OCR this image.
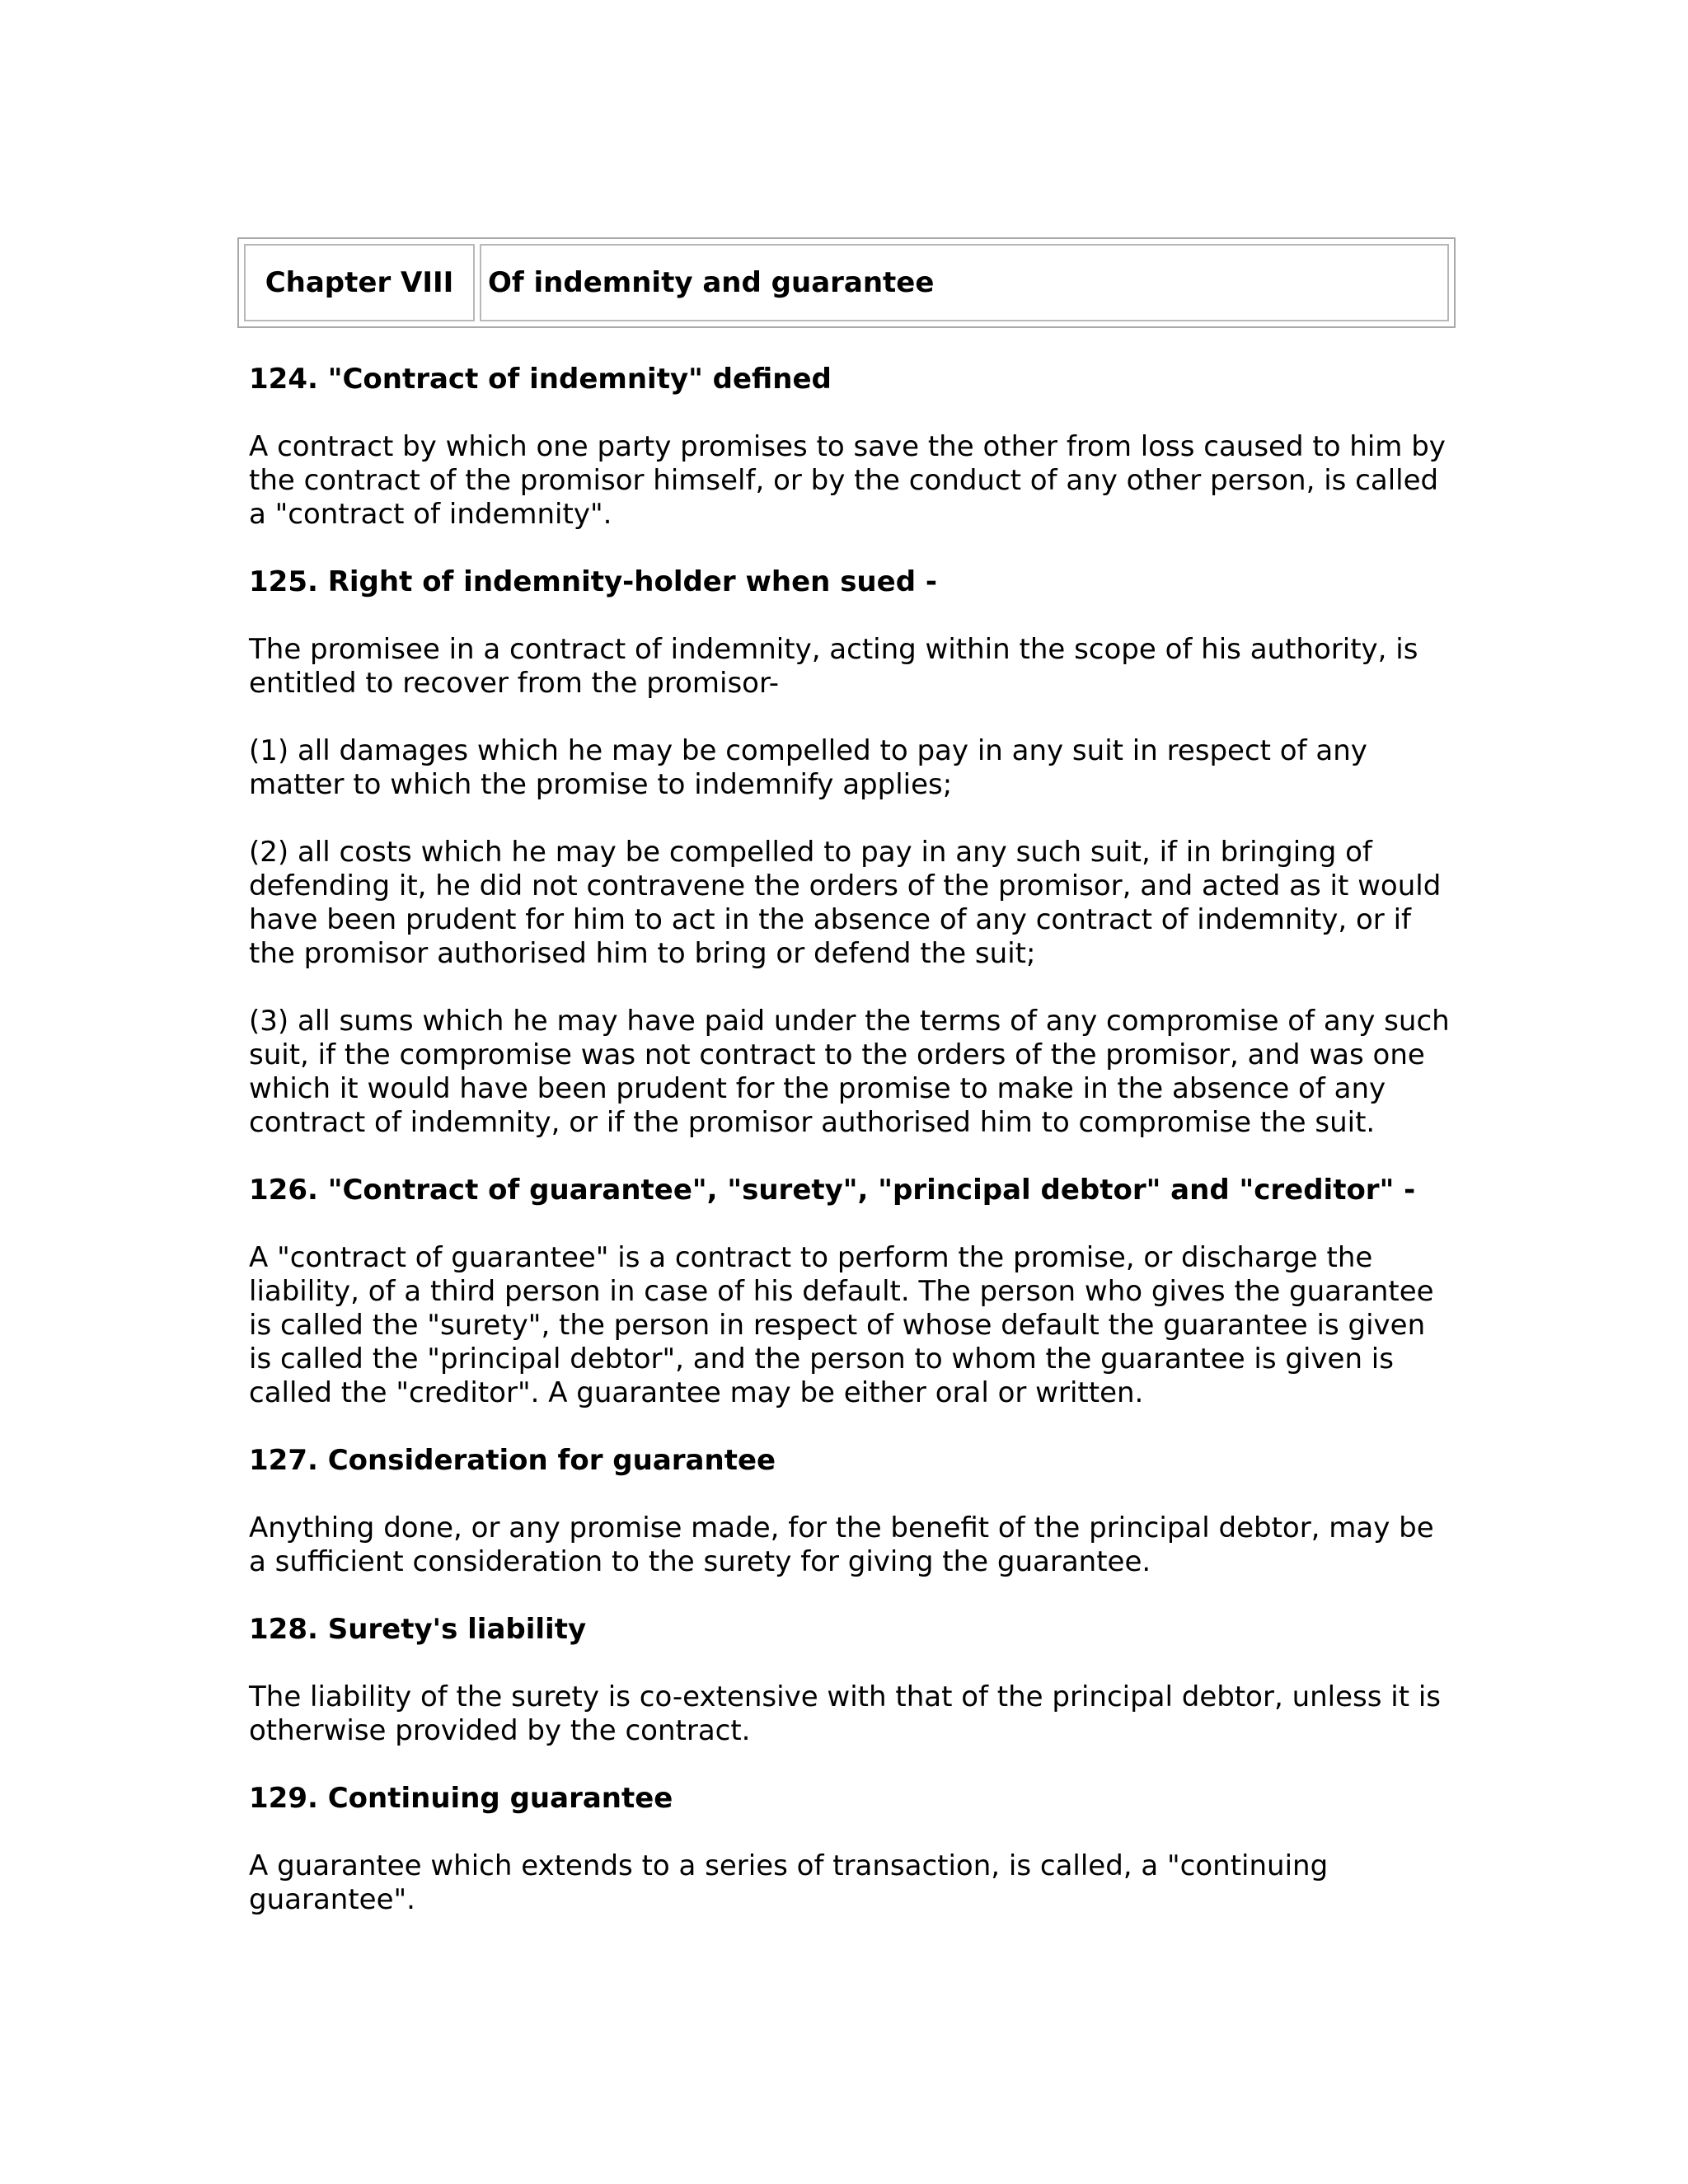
Chapter VIII	Of indemnity and guarantee
124. "Contract of indemnity" defined

A contract by which one party promises to save the other from loss caused to him by the contract of the promisor himself, or by the conduct of any other person, is called a "contract of indemnity".

125. Right of indemnity-holder when sued -

The promisee in a contract of indemnity, acting within the scope of his authority, is entitled to recover from the promisor-

(1) all damages which he may be compelled to pay in any suit in respect of any matter to which the promise to indemnify applies;

(2) all costs which he may be compelled to pay in any such suit, if in bringing of defending it, he did not contravene the orders of the promisor, and acted as it would have been prudent for him to act in the absence of any contract of indemnity, or if the promisor authorised him to bring or defend the suit;

(3) all sums which he may have paid under the terms of any compromise of any such suit, if the compromise was not contract to the orders of the promisor, and was one which it would have been prudent for the promise to make in the absence of any contract of indemnity, or if the promisor authorised him to compromise the suit.

126. "Contract of guarantee", "surety", "principal debtor" and "creditor" -

A "contract of guarantee" is a contract to perform the promise, or discharge the liability, of a third person in case of his default. The person who gives the guarantee is called the "surety", the person in respect of whose default the guarantee is given is called the "principal debtor", and the person to whom the guarantee is given is called the "creditor". A guarantee may be either oral or written.

127. Consideration for guarantee

Anything done, or any promise made, for the benefit of the principal debtor, may be a sufficient consideration to the surety for giving the guarantee.

128. Surety's liability

The liability of the surety is co-extensive with that of the principal debtor, unless it is otherwise provided by the contract.

129. Continuing guarantee

A guarantee which extends to a series of transaction, is called, a "continuing guarantee".
